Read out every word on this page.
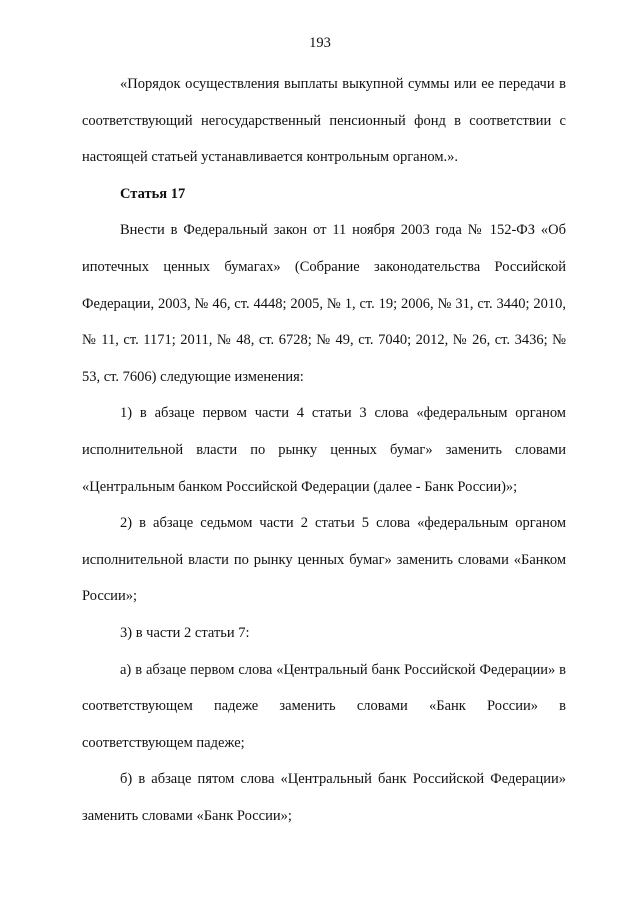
193

«Порядок осуществления выплаты выкупной суммы или ее передачи в соответствующий негосударственный пенсионный фонд в соответствии с настоящей статьей устанавливается контрольным органом.».

Статья 17

Внести в Федеральный закон от 11 ноября 2003 года № 152-ФЗ «Об ипотечных ценных бумагах» (Собрание законодательства Российской Федерации, 2003, № 46, ст. 4448; 2005, № 1, ст. 19; 2006, № 31, ст. 3440; 2010, № 11, ст. 1171; 2011, № 48, ст. 6728; № 49, ст. 7040; 2012, № 26, ст. 3436; № 53, ст. 7606) следующие изменения:

1) в абзаце первом части 4 статьи 3 слова «федеральным органом исполнительной власти по рынку ценных бумаг» заменить словами «Центральным банком Российской Федерации (далее - Банк России)»;

2) в абзаце седьмом части 2 статьи 5 слова «федеральным органом исполнительной власти по рынку ценных бумаг» заменить словами «Банком России»;

3) в части 2 статьи 7:

а) в абзаце первом слова «Центральный банк Российской Федерации» в соответствующем падеже заменить словами «Банк России» в соответствующем падеже;

б) в абзаце пятом слова «Центральный банк Российской Федерации» заменить словами «Банк России»;
